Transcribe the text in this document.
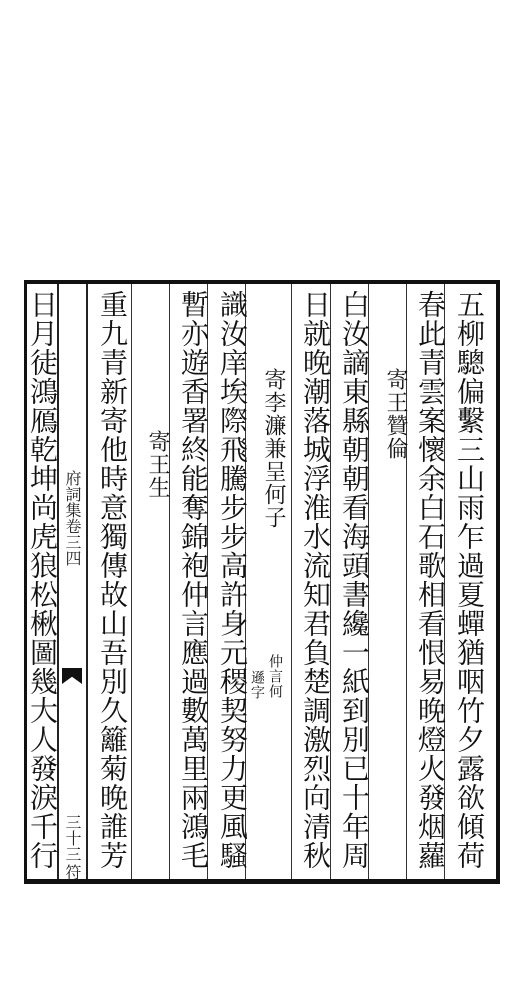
府詞集卷三四
三十三
符
五柳驄偏繫三山雨乍過夏蟬猶咽竹夕露欲傾荷
春此青雲案懷余白石歌相看恨易晚燈火發烟蘿
寄王贊倫
白汝謫東縣朝朝看海頭書纔一紙到別已十年周
日就晚潮落城浮淮水流知君負楚調激烈向清秋
寄李濂兼呈何子
仲言何
遜字
識汝庠埃際飛騰步步高許身元稷契努力更風騷
暫亦遊香署終能奪錦袍仲言應過數萬里兩鴻毛
寄王生
重九青新寄他時意獨傳故山吾別久籬菊晚誰芳
日月徒鴻鴈乾坤尚虎狼松楸圖幾大人發淚千行
